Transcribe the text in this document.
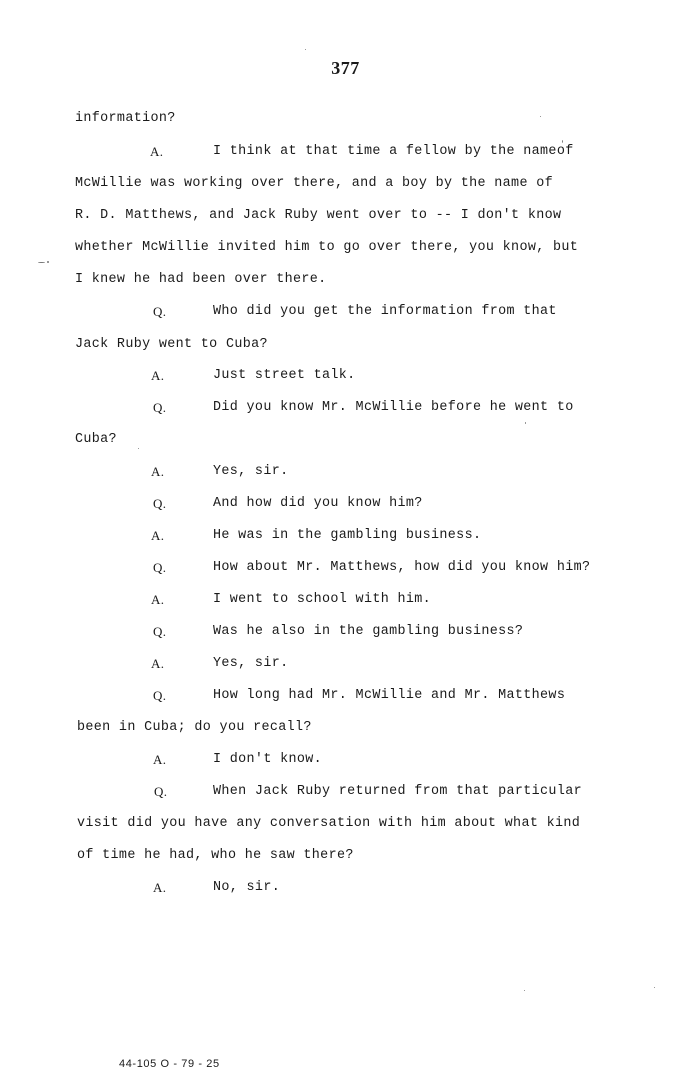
377
information?
A.	I think at that time a fellow by the nameof
McWillie was working over there, and a boy by the name of
R. D. Matthews, and Jack Ruby went over to -- I don't know
whether McWillie invited him to go over there, you know, but
I knew he had been over there.
Q.	Who did you get the information from that
Jack Ruby went to Cuba?
A.	Just street talk.
Q.	Did you know Mr. McWillie before he went to
Cuba?
A.	Yes, sir.
Q.	And how did you know him?
A.	He was in the gambling business.
Q.	How about Mr. Matthews, how did you know him?
A.	I went to school with him.
Q.	Was he also in the gambling business?
A.	Yes, sir.
Q.	How long had Mr. McWillie and Mr. Matthews
been in Cuba; do you recall?
A.	I don't know.
Q.	When Jack Ruby returned from that particular
visit did you have any conversation with him about what kind
of time he had, who he saw there?
A.	No, sir.
44-105 O - 79 - 25
